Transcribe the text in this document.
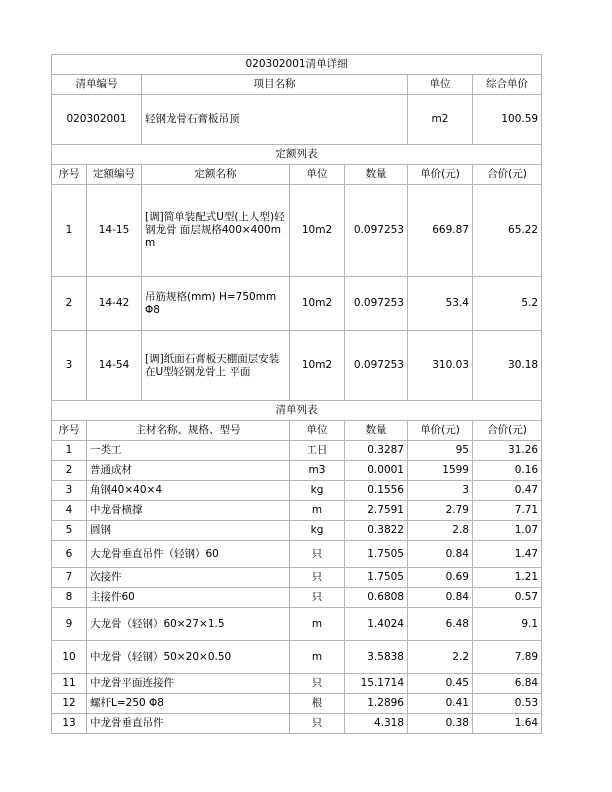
020302001清单详细						
清单编号		项目名称			单位	综合单价
020302001		轻钢龙骨石膏板吊顶			m2	100.59
定额列表						
序号	定额编号	定额名称	单位	数量	单价(元)	合价(元)
1	14-15	[调]简单装配式U型(上人型)轻钢龙骨 面层规格400×400mm	10m2	0.097253	669.87	65.22
2	14-42	吊筋规格(mm) H=750mm Φ8	10m2	0.097253	53.4	5.2
3	14-54	[调]纸面石膏板天棚面层安装在U型轻钢龙骨上 平面	10m2	0.097253	310.03	30.18
清单列表						
序号	主材名称、规格、型号		单位	数量	单价(元)	合价(元)
1	一类工		工日	0.3287	95	31.26
2	普通成材		m3	0.0001	1599	0.16
3	角钢40×40×4		kg	0.1556	3	0.47
4	中龙骨横撑		m	2.7591	2.79	7.71
5	圆钢		kg	0.3822	2.8	1.07
6	大龙骨垂直吊件（轻钢）60		只	1.7505	0.84	1.47
7	次接件		只	1.7505	0.69	1.21
8	主接件60		只	0.6808	0.84	0.57
9	大龙骨（轻钢）60×27×1.5		m	1.4024	6.48	9.1
10	中龙骨（轻钢）50×20×0.50		m	3.5838	2.2	7.89
11	中龙骨平面连接件		只	15.1714	0.45	6.84
12	螺杆L=250 Φ8		根	1.2896	0.41	0.53
13	中龙骨垂直吊件		只	4.318	0.38	1.64
